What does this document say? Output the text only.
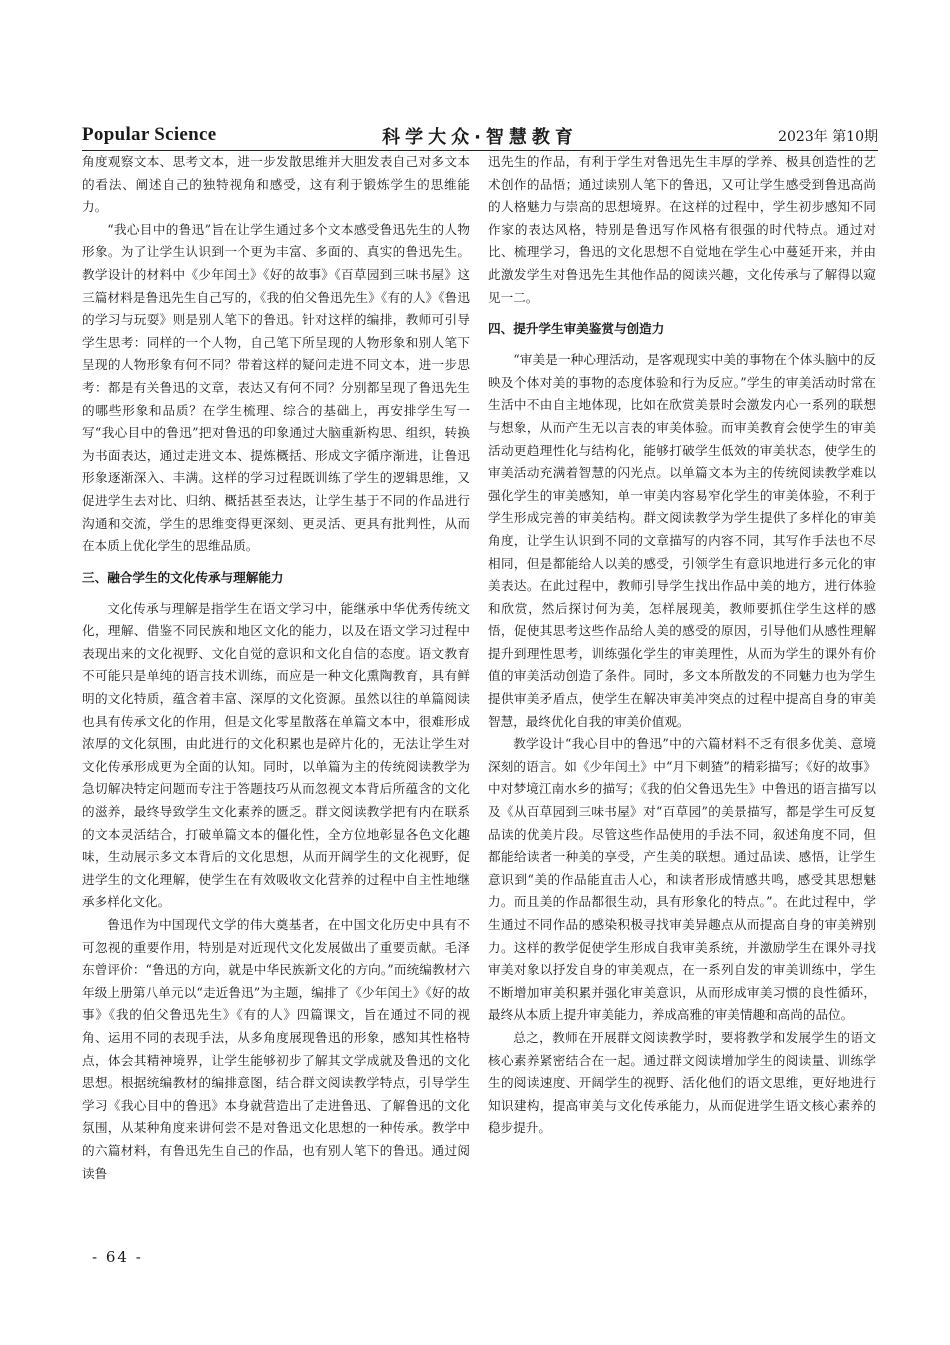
Popular Science	科学大众·智慧教育	2023年 第10期

角度观察文本、思考文本，进一步发散思维并大胆发表自己对多文本的看法、阐述自己的独特视角和感受，这有利于锻炼学生的思维能力。

“我心目中的鲁迅”旨在让学生通过多个文本感受鲁迅先生的人物形象。为了让学生认识到一个更为丰富、多面的、真实的鲁迅先生。教学设计的材料中《少年闰土》《好的故事》《百草园到三味书屋》这三篇材料是鲁迅先生自己写的，《我的伯父鲁迅先生》《有的人》《鲁迅的学习与玩耍》则是别人笔下的鲁迅。针对这样的编排，教师可引导学生思考：同样的一个人物，自己笔下所呈现的人物形象和别人笔下呈现的人物形象有何不同？带着这样的疑问走进不同文本，进一步思考：都是有关鲁迅的文章，表达又有何不同？分别都呈现了鲁迅先生的哪些形象和品质？在学生梳理、综合的基础上，再安排学生写一写“我心目中的鲁迅”把对鲁迅的印象通过大脑重新构思、组织，转换为书面表达，通过走进文本、提炼概括、形成文字循序渐进，让鲁迅形象逐渐深入、丰满。这样的学习过程既训练了学生的逻辑思维，又促进学生去对比、归纳、概括甚至表达，让学生基于不同的作品进行沟通和交流，学生的思维变得更深刻、更灵活、更具有批判性，从而在本质上优化学生的思维品质。

三、融合学生的文化传承与理解能力

文化传承与理解是指学生在语文学习中，能继承中华优秀传统文化，理解、借鉴不同民族和地区文化的能力，以及在语文学习过程中表现出来的文化视野、文化自觉的意识和文化自信的态度。语文教育不可能只是单纯的语言技术训练，而应是一种文化熏陶教育，具有鲜明的文化特质，蕴含着丰富、深厚的文化资源。虽然以往的单篇阅读也具有传承文化的作用，但是文化零星散落在单篇文本中，很难形成浓厚的文化氛围，由此进行的文化积累也是碎片化的，无法让学生对文化传承形成更为全面的认知。同时，以单篇为主的传统阅读教学为急切解决特定问题而专注于答题技巧从而忽视文本背后所蕴含的文化的滋养，最终导致学生文化素养的匮乏。群文阅读教学把有内在联系的文本灵活结合，打破单篇文本的僵化性，全方位地彰显各色文化趣味，生动展示多文本背后的文化思想，从而开阔学生的文化视野，促进学生的文化理解，使学生在有效吸收文化营养的过程中自主性地继承多样化文化。

鲁迅作为中国现代文学的伟大奠基者，在中国文化历史中具有不可忽视的重要作用，特别是对近现代文化发展做出了重要贡献。毛泽东曾评价：“鲁迅的方向，就是中华民族新文化的方向。”而统编教材六年级上册第八单元以“走近鲁迅”为主题，编排了《少年闰土》《好的故事》《我的伯父鲁迅先生》《有的人》四篇课文，旨在通过不同的视角、运用不同的表现手法，从多角度展现鲁迅的形象，感知其性格特点，体会其精神境界，让学生能够初步了解其文学成就及鲁迅的文化思想。根据统编教材的编排意图，结合群文阅读教学特点，引导学生学习《我心目中的鲁迅》本身就营造出了走进鲁迅、了解鲁迅的文化氛围，从某种角度来讲何尝不是对鲁迅文化思想的一种传承。教学中的六篇材料，有鲁迅先生自己的作品，也有别人笔下的鲁迅。通过阅读鲁

迅先生的作品，有利于学生对鲁迅先生丰厚的学养、极具创造性的艺术创作的品悟；通过读别人笔下的鲁迅，又可让学生感受到鲁迅高尚的人格魅力与崇高的思想境界。在这样的过程中，学生初步感知不同作家的表达风格，特别是鲁迅写作风格有很强的时代特点。通过对比、梳理学习，鲁迅的文化思想不自觉地在学生心中蔓延开来，并由此激发学生对鲁迅先生其他作品的阅读兴趣，文化传承与了解得以窥见一二。

四、提升学生审美鉴赏与创造力

“审美是一种心理活动，是客观现实中美的事物在个体头脑中的反映及个体对美的事物的态度体验和行为反应。”学生的审美活动时常在生活中不由自主地体现，比如在欣赏美景时会激发内心一系列的联想与想象，从而产生无以言表的审美体验。而审美教育会使学生的审美活动更趋理性化与结构化，能够打破学生低效的审美状态，使学生的审美活动充满着智慧的闪光点。以单篇文本为主的传统阅读教学难以强化学生的审美感知，单一审美内容易窄化学生的审美体验，不利于学生形成完善的审美结构。群文阅读教学为学生提供了多样化的审美角度，让学生认识到不同的文章描写的内容不同，其写作手法也不尽相同，但是都能给人以美的感受，引领学生有意识地进行多元化的审美表达。在此过程中，教师引导学生找出作品中美的地方，进行体验和欣赏，然后探讨何为美，怎样展现美，教师要抓住学生这样的感悟，促使其思考这些作品给人美的感受的原因，引导他们从感性理解提升到理性思考，训练强化学生的审美理性，从而为学生的课外有价值的审美活动创造了条件。同时，多文本所散发的不同魅力也为学生提供审美矛盾点，使学生在解决审美冲突点的过程中提高自身的审美智慧，最终优化自我的审美价值观。

教学设计“我心目中的鲁迅”中的六篇材料不乏有很多优美、意境深刻的语言。如《少年闰土》中“月下刺猹”的精彩描写；《好的故事》中对梦境江南水乡的描写；《我的伯父鲁迅先生》中鲁迅的语言描写以及《从百草园到三味书屋》对“百草园”的美景描写，都是学生可反复品读的优美片段。尽管这些作品使用的手法不同，叙述角度不同，但都能给读者一种美的享受，产生美的联想。通过品读、感悟，让学生意识到“美的作品能直击人心，和读者形成情感共鸣，感受其思想魅力。而且美的作品都很生动，具有形象化的特点。”。在此过程中，学生通过不同作品的感染积极寻找审美异趣点从而提高自身的审美辨别力。这样的教学促使学生形成自我审美系统，并激励学生在课外寻找审美对象以抒发自身的审美观点，在一系列自发的审美训练中，学生不断增加审美积累并强化审美意识，从而形成审美习惯的良性循环，最终从本质上提升审美能力，养成高雅的审美情趣和高尚的品位。

总之，教师在开展群文阅读教学时，要将教学和发展学生的语文核心素养紧密结合在一起。通过群文阅读增加学生的阅读量、训练学生的阅读速度、开阔学生的视野、活化他们的语文思维，更好地进行知识建构，提高审美与文化传承能力，从而促进学生语文核心素养的稳步提升。

- 64 -
